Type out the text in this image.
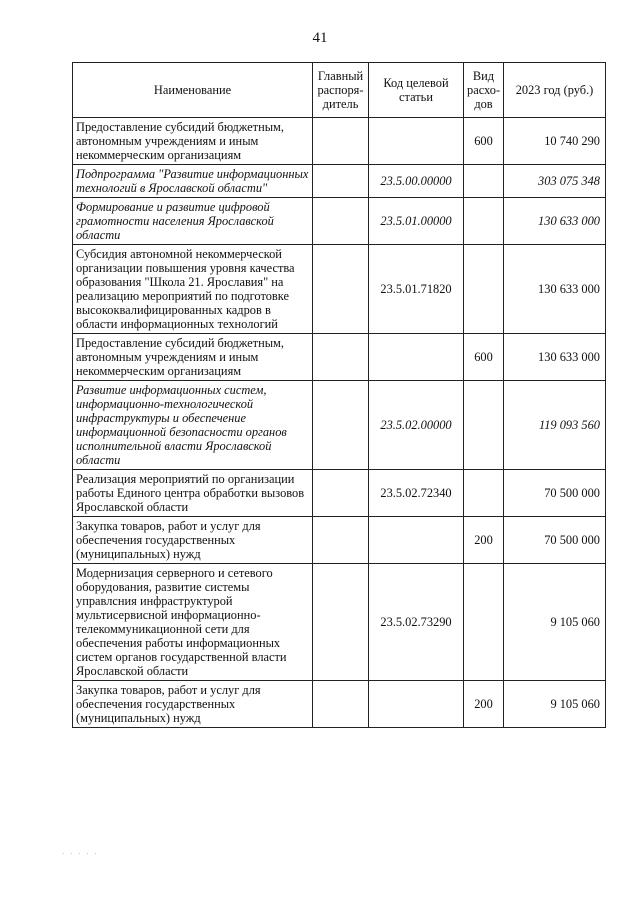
41
Наименование	Главный распоря-дитель	Код целевой статьи	Вид расхо-дов	2023 год (руб.)
Предоставление субсидий бюджетным, автономным учреждениям и иным некоммерческим организациям			600	10 740 290
Подпрограмма "Развитие информационных технологий в Ярославской области"		23.5.00.00000		303 075 348
Формирование и развитие цифровой грамотности населения Ярославской области		23.5.01.00000		130 633 000
Субсидия автономной некоммерческой организации повышения уровня качества образования "Школа 21. Ярославия" на реализацию мероприятий по подготовке высококвалифицированных кадров в области информационных технологий		23.5.01.71820		130 633 000
Предоставление субсидий бюджетным, автономным учреждениям и иным некоммерческим организациям			600	130 633 000
Развитие информационных систем, информационно-технологической инфраструктуры и обеспечение информационной безопасности органов исполнительной власти Ярославской области		23.5.02.00000		119 093 560
Реализация мероприятий по организации работы Единого центра обработки вызовов Ярославской области		23.5.02.72340		70 500 000
Закупка товаров, работ и услуг для обеспечения государственных (муниципальных) нужд			200	70 500 000
Модернизация серверного и сетевого оборудования, развитие системы управлсния инфраструктурой мультисервисной информационно-телекоммуникационной сети для обеспечения работы информационных систем органов государственной власти Ярославской области		23.5.02.73290		9 105 060
Закупка товаров, работ и услуг для обеспечения государственных (муниципальных) нужд			200	9 105 060
· · · · ·
